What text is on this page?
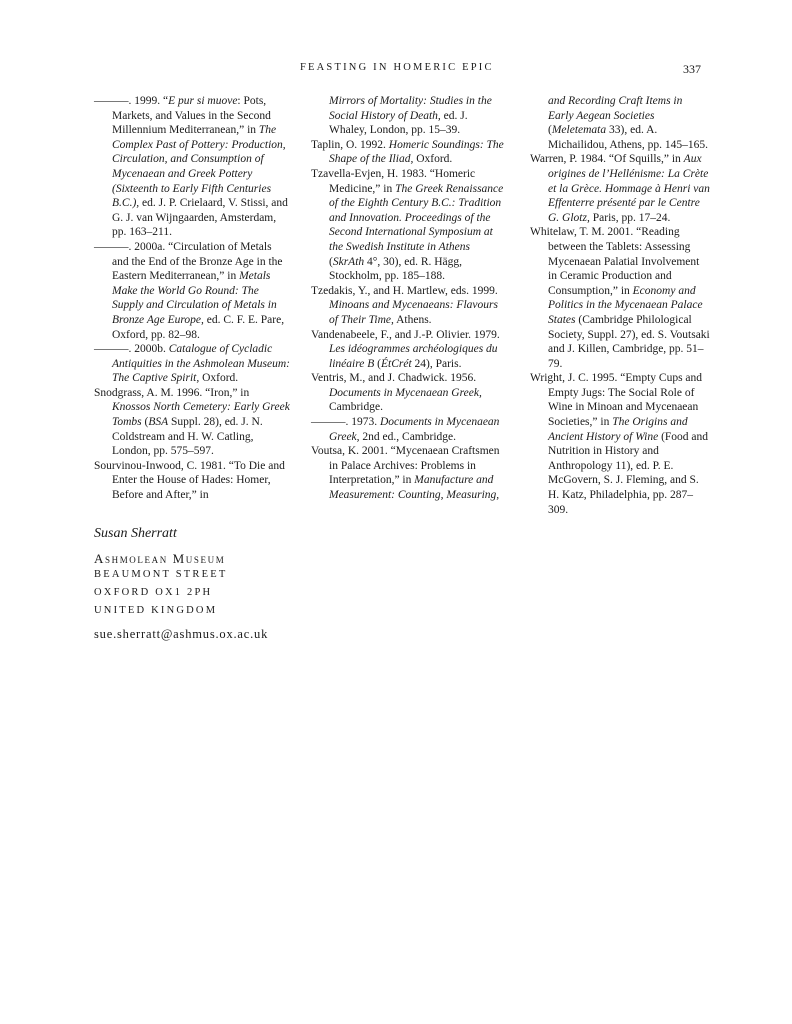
FEASTING IN HOMERIC EPIC	337
———. 1999. “E pur si muove: Pots, Markets, and Values in the Second Millennium Mediterranean,” in The Complex Past of Pottery: Production, Circulation, and Consumption of Mycenaean and Greek Pottery (Sixteenth to Early Fifth Centuries B.C.), ed. J. P. Crielaard, V. Stissi, and G. J. van Wijngaarden, Amsterdam, pp. 163–211.
———. 2000a. “Circulation of Metals and the End of the Bronze Age in the Eastern Mediterranean,” in Metals Make the World Go Round: The Supply and Circulation of Metals in Bronze Age Europe, ed. C. F. E. Pare, Oxford, pp. 82–98.
———. 2000b. Catalogue of Cycladic Antiquities in the Ashmolean Museum: The Captive Spirit, Oxford.
Snodgrass, A. M. 1996. “Iron,” in Knossos North Cemetery: Early Greek Tombs (BSA Suppl. 28), ed. J. N. Coldstream and H. W. Catling, London, pp. 575–597.
Sourvinou-Inwood, C. 1981. “To Die and Enter the House of Hades: Homer, Before and After,” in
Mirrors of Mortality: Studies in the Social History of Death, ed. J. Whaley, London, pp. 15–39.
Taplin, O. 1992. Homeric Soundings: The Shape of the Iliad, Oxford.
Tzavella-Evjen, H. 1983. “Homeric Medicine,” in The Greek Renaissance of the Eighth Century B.C.: Tradition and Innovation. Proceedings of the Second International Symposium at the Swedish Institute in Athens (SkrAth 4°, 30), ed. R. Hägg, Stockholm, pp. 185–188.
Tzedakis, Y., and H. Martlew, eds. 1999. Minoans and Mycenaeans: Flavours of Their Time, Athens.
Vandenabeele, F., and J.-P. Olivier. 1979. Les idéogrammes archéologiques du linéaire B (ÉtCrét 24), Paris.
Ventris, M., and J. Chadwick. 1956. Documents in Mycenaean Greek, Cambridge.
———. 1973. Documents in Mycenaean Greek, 2nd ed., Cambridge.
Voutsa, K. 2001. “Mycenaean Craftsmen in Palace Archives: Problems in Interpretation,” in Manufacture and Measurement: Counting, Measuring,
and Recording Craft Items in Early Aegean Societies (Meletemata 33), ed. A. Michailidou, Athens, pp. 145–165.
Warren, P. 1984. “Of Squills,” in Aux origines de l’Hellénisme: La Crète et la Grèce. Hommage à Henri van Effenterre présenté par le Centre G. Glotz, Paris, pp. 17–24.
Whitelaw, T. M. 2001. “Reading between the Tablets: Assessing Mycenaean Palatial Involvement in Ceramic Production and Consumption,” in Economy and Politics in the Mycenaean Palace States (Cambridge Philological Society, Suppl. 27), ed. S. Voutsaki and J. Killen, Cambridge, pp. 51–79.
Wright, J. C. 1995. “Empty Cups and Empty Jugs: The Social Role of Wine in Minoan and Mycenaean Societies,” in The Origins and Ancient History of Wine (Food and Nutrition in History and Anthropology 11), ed. P. E. McGovern, S. J. Fleming, and S. H. Katz, Philadelphia, pp. 287–309.
Susan Sherratt
Ashmolean Museum
BEAUMONT STREET
OXFORD OX1 2PH
UNITED KINGDOM
sue.sherratt@ashmus.ox.ac.uk
